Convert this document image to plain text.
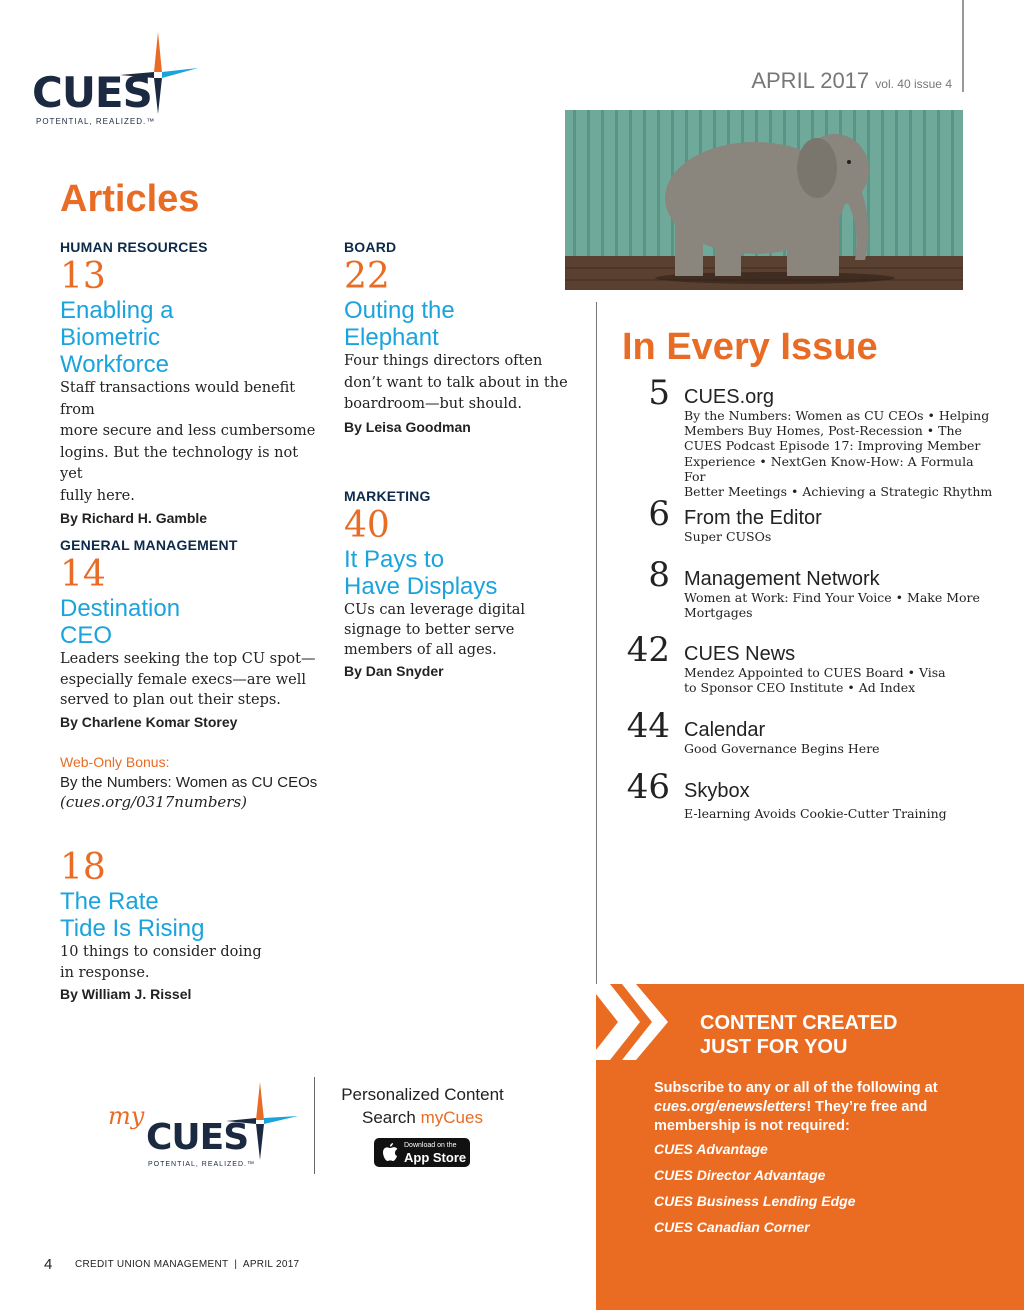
CUES
POTENTIAL, REALIZED.™
APRIL 2017 vol. 40 issue 4
Articles
HUMAN RESOURCES
13
Enabling a
Biometric
Workforce
Staff transactions would benefit from
more secure and less cumbersome
logins. But the technology is not yet
fully here.
By Richard H. Gamble
BOARD
22
Outing the
Elephant
Four things directors often
don’t want to talk about in the
boardroom—but should.
By Leisa Goodman
MARKETING
40
It Pays to
Have Displays
CUs can leverage digital
signage to better serve
members of all ages.
By Dan Snyder
GENERAL MANAGEMENT
14
Destination
CEO
Leaders seeking the top CU spot—
especially female execs—are well
served to plan out their steps.
By Charlene Komar Storey
Web-Only Bonus:
By the Numbers: Women as CU CEOs
(cues.org/0317numbers)
18
The Rate
Tide Is Rising
10 things to consider doing
in response.
By William J. Rissel
In Every Issue
5 CUES.org
By the Numbers: Women as CU CEOs • Helping
Members Buy Homes, Post-Recession • The
CUES Podcast Episode 17: Improving Member
Experience • NextGen Know-How: A Formula For
Better Meetings • Achieving a Strategic Rhythm
6 From the Editor
Super CUSOs
8 Management Network
Women at Work: Find Your Voice • Make More
Mortgages
42 CUES News
Mendez Appointed to CUES Board • Visa
to Sponsor CEO Institute • Ad Index
44 Calendar
Good Governance Begins Here
46 Skybox
E-learning Avoids Cookie-Cutter Training
CONTENT CREATED
JUST FOR YOU
Subscribe to any or all of the following at cues.org/enewsletters! They’re free and membership is not required:
CUES Advantage
CUES Director Advantage
CUES Business Lending Edge
CUES Canadian Corner
my
CUES
POTENTIAL, REALIZED.™
Personalized Content
Search myCues
Download on the
App Store
4 CREDIT UNION MANAGEMENT  |  APRIL 2017
